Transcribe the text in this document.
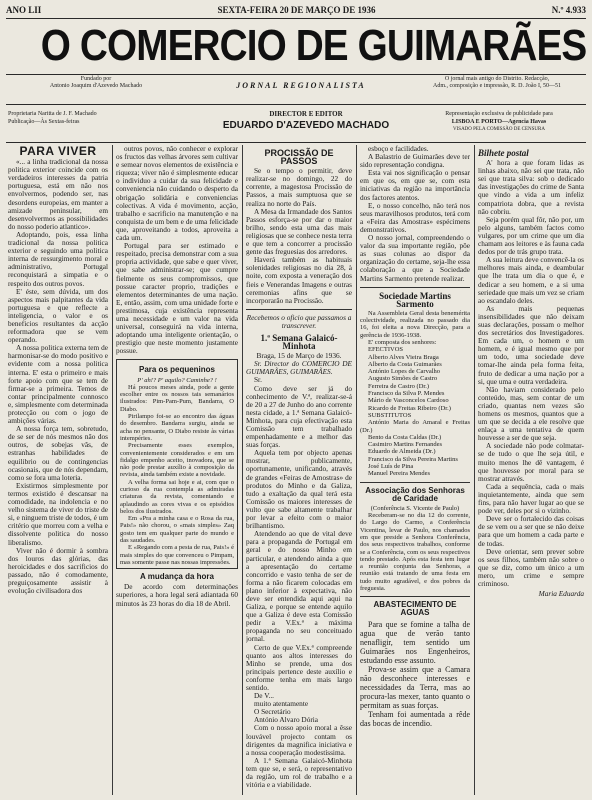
ANO LII	SEXTA-FEIRA 20 DE MARÇO DE 1936	N.º 4.933
O COMERCIO DE GUIMARÃES
Fundado por
Antonio Joaquim d'Azevedo Machado	JORNAL REGIONALISTA
O jornal mais antigo do Distrito. Redacção,
Adm., composição e impressão, R. D. João I, 50—51
Proprietaria Naritta de J. F. Machado
Publicação—Às Sextas-feiras
DIRECTOR E EDITOR
EDUARDO D'AZEVEDO MACHADO
Representação exclusiva de publicidade para
LISBOA E PORTO—Agencia Havas
VISADO PELA COMISSÃO DE CENSURA
PARA VIVER

«... a linha tradicional da nossa politica exterior coincide com os verdadeiros interesses da patria portuguesa, está em não nos envolvermos, podendo ser, nas desordens europeias, em manter a amizade peninsular, em desenvolvermos as possibilidades do nosso poderio atlantico».

Adoptando, pois, essa linha tradicional da nossa politica exterior e seguindo uma politica interna de ressurgimento moral e administrativo, Portugal reconquistará a simpatia e o respeito dos outros povos.

E' éste, sem dúvida, um dos aspectos mais palpitantes da vida portuguesa e que reflecte a inteligencia, o valor e os beneficios resultantes da acção reformadora que se vem operando.

A nossa politica externa tem de harmonisar-se do modo positivo e evidente com a nossa politica interna. E' esta o primeiro e mais forte apoio com que se tem de firmar-se a primeira. Temos de contar principalmente connosco e, simplesmente com determinada protecção ou com o jogo de ambições várias.

A nossa força tem, sobretudo, de se ser de nós mesmos não dos outros, de sobejas vãs, de estranhas habilidades de equilibrio ou de contingencias ocasionais, que de nós dependam, como se fora uma loteria.

Existirmos simplesmente por termos existido é descansar na comodidade, na indolencia e no velho sistema de viver do triste de si, e ninguem triste de todos, é um critério que morreu com a velha e dissolvente politica do nosso liberalismo.

Viver não é dormir à sombra dos louros das glórias, das heroicidades e dos sacrificios do passado, não é comodamente, preguiçosamente assistir à evolução civilisadora dos

outros povos, não conhecer e explorar os fructos das velhas árvores sem cultivar e semear novos elementos de existência e riqueza; viver não é simplesmente educar o individuo a cuidar da sua felicidade e conveniencia não cuidando o desperto da obrigação solidária e conveniencias colectivas. A vida é movimento, acção, trabalho e sacrificio na manutenção e na conquista de um bem e de uma felicidade que, aproveitando a todos, aproveita a cada um.

Portugal para ser estimado e respeitado, precisa demonstrar com a sua propria actividade, que sabe e quer viver, que sabe administrar-se; que cumpre fielmente os seus compromissos, que possue caracter proprio, tradições e elementos determinantes de uma nação. E, então, assim, com uma unidade forte e prestimosa, cuja existência representa uma necessidade e um valor na vida universal, conseguirá na vida interna, adoptando uma inteligente orientação, o prestigio que neste momento justamente possue.

Para os pequeninos
P' ah!? P' aquilo? Caminhe? !

Há poucos meses ainda, pode a gente escolher entre os nossos tais semanários ilustrados: Pim-Pam-Pum, Bandarra, O Diabo.

Pirilampo foi-se ao encontro das águas do desembro. Bandarra surgiu, ainda se acha no pensante, O Diabo resiste às várias intempéries.

Precisamente esses exemplos, convenientemente considerados e em um fidalgo empenho aceito, inovadora, que se não pode prestar auxílio à composição da revista, ainda também existe a novidade.

A velha forma sai hoje e ai, com que o curioso da rua contempla as admiradas criaturas da revista, comentando e aplaudindo as cores vivas e os episódios belos dos ilustrados.

Em «Pra a minha casa e o Rosa da rua, Pais!» não chorou, o «mais simples» Zaq gosto tem em qualquer parte do mundo e das saudades.

E «Regando com a pesta de rua, Pais!» é mais simples do que convenceu o Pimpam, mas somente passe nas nossas impressões.

A mudança da hora

De acordo com determinações superiores, a hora legal será adiantada 60 minutos às 23 horas do dia 18 de Abril.

PROCISSÃO DE PASSOS

Se o tempo o permitir, deve realizar-se no domingo, 22 do corrente, a magestosa Procissão de Passos, a mais sumptuosa que se realiza no norte do País.

A Mesa da Irmandade dos Santos Passos esforça-se por dar o maior brilho, sendo esta uma das mais religiosas que se conhece nesta terra e que tem a concorrer a procissão gente das freguesias dos arredores.

Haverá também as habituais solenidades religiosas no dia 28, à noite, com exposta a veneração dos fieis e Venerandas Imagens e outras ceremonias afins que se incorporarão na Procissão.

Recebemos o oficio que passamos a transcrever.

1.ª Semana Galaicó-Minhota

Braga, 15 de Março de 1936.

Sr. Director do COMERCIO DE GUIMARÃES, GUIMARÃES.

Sr.

Como deve ser já do conhecimento de V.ª, realizar-se-á de 20 a 27 de Junho do ano corrente nesta cidade, a 1.ª Semana Galaicó-Minhota, para cuja efectivação esta Comissão tem trabalhado empenhadamente e a melhor das suas forças.

Aquela tem por objecto apenas mostrar, publicamente, oportunamente, unificando, através de grandes «Feiras de Amostras» de produtos do Minho e da Galiza, tudo a exaltação da qual terá esta Comissão os maiores interesses de vulto que sabe altamente trabalhar por levar a efeito com o maior brilhantismo.

Atendendo ao que de vital deve para a propaganda de Portugal em geral e do nosso Minho em particular, e atendendo ainda a que a apresentação do certame concorrido e vasto tenha de ser de forma a não ficarem colocadas em plano inferior à expectativa, não deve ser entendida aqui aqui na Galiza, e porque se entende aquilo que a Galiza é deve esta Comissão pedir a V.Ex.ª a máxima propaganda no seu conceituado jornal.

Certo de que V.Ex.ª compreende quanto aos altos interesses do Minho se prende, uma dos principais pertence deste auxílio e conforme tenha em mais largo sentido.

De V...

muito atentamente

O Secretário

António Alvaro Dória

Com o nosso apoio moral a êsse louvável projecto contam os dirigentes da magnifica iniciativa e a nossa cooperação modestíssima.

A 1.ª Semana Galaicó-Minhota tem que se, e será, o representativo da região, um rol de trabalho e a vitória e a viabilidade.

esboço e facilidades.

A Balastrio de Guimarães deve ter sido representação condigna.

Esta vai nos significação o pensar em que os, em que se, com esta iniciativas da região na importância dos factores atentos.

E, o nosso concelho, não terá nos seus maravilhosos produtos, terá com a «Feira das Amostras» espécimens demonstrativos.

O nosso jornal, compreendendo o valor da sua importante região, põe as suas colunas ao dispor da organização do certame, seja-lhe essa colaboração a que a Sociedade Martins Sarmento pretende realizar.

Sociedade Martins Sarmento

Na Assembleia Geral desta benemérita colectividade, realizada no passado dia 16, foi eleita a nova Direcção, para a gerência de 1936-1938.

E' composta dos senhores:

EFECTIVOS

Alberto Alves Vieira Braga

Alberto da Costa Guimarães

António Lopes de Carvalho

Augusto Simões de Castro

Ferreira de Castro (Dr.)

Francisco da Silva P. Mendes

Mário de Vasconcelos Cardoso

Ricardo de Freitas Ribeiro (Dr.)

SUBSTITUTOS

António Maria do Amaral e Freitas (Dr.)

Bento da Costa Caldas (Dr.)

Casimiro Martins Fernandes

Eduardo de Almeida (Dr.)

Francisco da Silva Pereira Martins

José Luís de Pina

Manuel Pereira Mendes

Associação dos Senhoras de Caridade

(Conferência S. Vicente de Paulo)

Receberam-se no dia 12 do corrente, do Largo do Carmo, a Conferência Vicentina, levar de Paulo, nos chamados em que preside a Senhora Conferência, dos seus respectivos trabalhos, conforme se a Conferência, com os seus respectivos tendo prestado. Após esta festa tem lugar a reunião conjunta das Senhoras, a reunião está tratando de uma festa em tudo muito agradável, e dos pobres da freguesia.

ABASTECIMENTO DE AGUAS

Para que se fomine a talha de agua que de verão tanto nenafligir, tem sentido um Guimarães nos Engenheiros, estudando esse assunto.

Prova-se assim que a Camara não desconhece interesses e necessidades da Terra, mas ao procura-las mexer, tanto quanto o permitam as suas forças.

Tenham foi aumentada a rêde das bocas de incendio.

Bilhete postal

A' hora a que foram lidas as linhas abaixo, não sei que trata, não sei que trata silva: sob o dedicado das investigações do crime de Santa que vindo a vida a um infeliz compatriota dobra, que a revista não cobriu.

Seja porém qual fôr, não por, um pelo alguns, também factos como vulgares, por um crime que um dia chamam aos leitores e às fauna cada dedos por de trás grupo trata.

A sua leitura deve convencê-la os melhores mais ainda, e deambular que lhe trata um dia o que é, e dedicar a seu homem, e a si uma seriedade que mais um vez se criam ao escandalo deles.

As mais pequenas insensibilidades que não deixam suas declarações, possam o melhor dos secretários dos Investigadores. Em cada um, o homem e um homem, e é igual mesmo que por um todo, uma sociedade deve tomar-lhe ainda pela forma feita, fruto de dedicar a uma nação por a si, que uma e outra verdadeira.

Não haviam considerado pelo conteúdo, mas, sem contar de um criado, quantas nem vezes são homens os mesmos, quantos que a um que se decida a ele resolve que enlaça a uma tentativa de quem houvesse a ser de que seja.

A sociedade não pode colmatar-se de tudo o que lhe seja útil, e muito menos lhe dê vantagem, é que houvesse por moral para se mostrar através.

Cada a sequência, cada o mais inquietantemente, ainda que sem fins, para não haver lugar ao que se pode ver, deles por si o vizinho.

Deve ser o fortalecido das coisas de se vem ou a ser que se não deixe para que um homem a cada parte e de todas.

Deve orientar, sem prever sobre os seus filhos, também não sobre o que se diz, como um único a um mero, um crime e sempre criminoso.

Maria Eduarda
